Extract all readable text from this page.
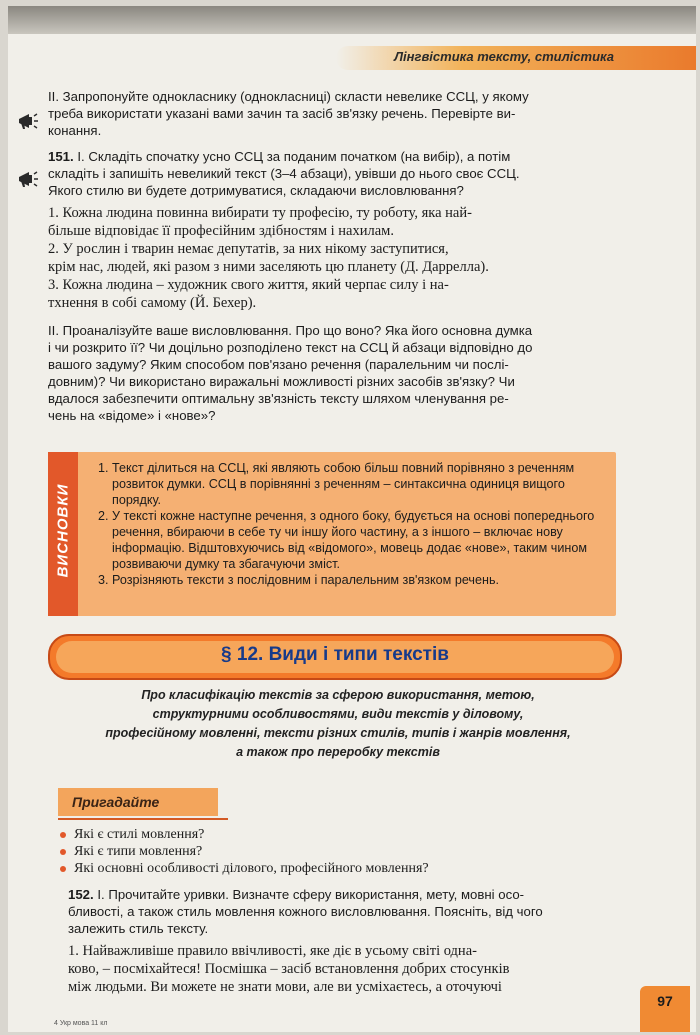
Лінгвістика тексту, стилістика
II. Запропонуйте однокласнику (однокласниці) скласти невелике ССЦ, у якому
треба використати указані вами зачин та засіб зв'язку речень. Перевірте ви-
конання.
151. І. Складіть спочатку усно ССЦ за поданим початком (на вибір), а потім
складіть і запишіть невеликий текст (3–4 абзаци), увівши до нього своє ССЦ.
Якого стилю ви будете дотримуватися, складаючи висловлювання?
1. Кожна людина повинна вибирати ту професію, ту роботу, яка най-
більше відповідає її професійним здібностям і нахилам.
2. У рослин і тварин немає депутатів, за них нікому заступитися,
крім нас, людей, які разом з ними заселяють цю планету (Д. Даррелла).
3. Кожна людина – художник свого життя, який черпає силу і на-
тхнення в собі самому (Й. Бехер).
II. Проаналізуйте ваше висловлювання. Про що воно? Яка його основна думка
і чи розкрито її? Чи доцільно розподілено текст на ССЦ й абзаци відповідно до
вашого задуму? Яким способом пов'язано речення (паралельним чи послі-
довним)? Чи використано виражальні можливості різних засобів зв'язку? Чи
вдалося забезпечити оптимальну зв'язність тексту шляхом членування ре-
чень на «відоме» і «нове»?
ВИСНОВКИ
1. Текст ділиться на ССЦ, які являють собою більш повний порівняно з реченням розвиток думки. ССЦ в порівнянні з реченням – синтаксична одиниця вищого порядку.
2. У тексті кожне наступне речення, з одного боку, будується на основі попереднього речення, вбираючи в себе ту чи іншу його частину, а з іншого – включає нову інформацію. Відштовхуючись від «відомого», мовець додає «нове», таким чином розвиваючи думку та збагачуючи зміст.
3. Розрізняють тексти з послідовним і паралельним зв'язком речень.
§ 12. Види і типи текстів
Про класифікацію текстів за сферою використання, метою,
структурними особливостями, види текстів у діловому,
професійному мовленні, тексти різних стилів, типів і жанрів мовлення,
а також про переробку текстів
Пригадайте
Які є стилі мовлення?
Які є типи мовлення?
Які основні особливості ділового, професійного мовлення?
152. І. Прочитайте уривки. Визначте сферу використання, мету, мовні осо-
бливості, а також стиль мовлення кожного висловлювання. Поясніть, від чого
залежить стиль тексту.
1. Найважливіше правило ввічливості, яке діє в усьому світі одна-
ково, – посміхайтеся! Посмішка – засіб встановлення добрих стосунків
між людьми. Ви можете не знати мови, але ви усміхаєтесь, а оточуючі
97
4 Укр мова 11 кл
